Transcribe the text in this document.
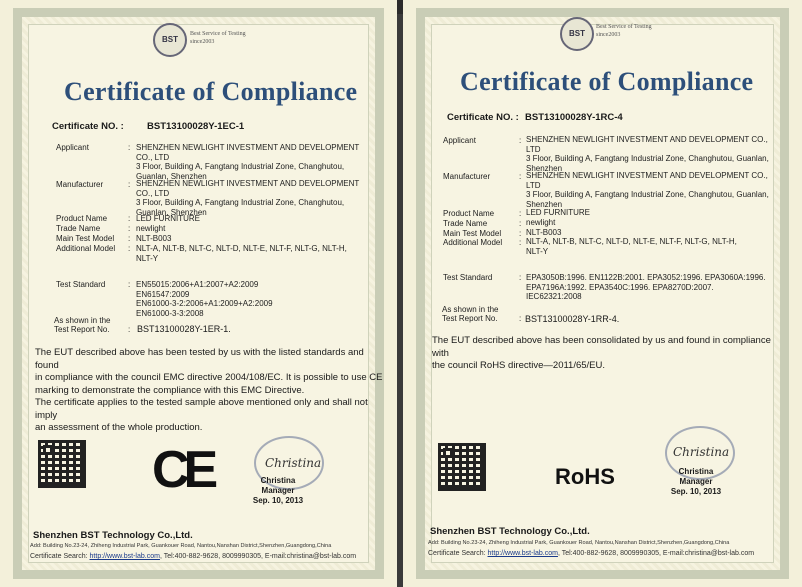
BST
Best Service of Testing
since2003
Certificate of Compliance
Certificate NO. : BST13100028Y-1EC-1
Applicant	: SHENZHEN NEWLIGHT INVESTMENT AND DEVELOPMENT
CO., LTD
3 Floor, Building A, Fangtang Industrial Zone, Changhutou,
Guanlan, Shenzhen
Manufacturer	: SHENZHEN NEWLIGHT INVESTMENT AND DEVELOPMENT
CO., LTD
3 Floor, Building A, Fangtang Industrial Zone, Changhutou,
Guanlan, Shenzhen
Product Name	: LED FURNITURE
Trade Name	: newlight
Main Test Model : NLT-B003
Additional Model : NLT-A, NLT-B, NLT-C, NLT-D, NLT-E, NLT-F, NLT-G, NLT-H,
NLT-Y
Test Standard	: EN55015:2006+A1:2007+A2:2009
EN61547:2009
EN61000-3-2:2006+A1:2009+A2:2009
EN61000-3-3:2008
As shown in the
Test Report No. : BST13100028Y-1ER-1.
The EUT described above has been tested by us with the listed standards and found
in compliance with the council EMC directive 2004/108/EC. It is possible to use CE
marking to demonstrate the compliance with this EMC Directive.
The certificate applies to the tested sample above mentioned only and shall not imply
an assessment of the whole production.
CE	Christina
Christina
Manager
Sep. 10, 2013
Shenzhen BST Technology Co.,Ltd.
Add: Building No.23-24, Zhiheng Industrial Park, Guankouer Road, Nantou,Nanshan District,Shenzhen,Guangdong,China
Certificate Search: http://www.bst-lab.com, Tel:400-882-9628, 8009990305, E-mail:christina@bst-lab.com
BST
Best Service of Testing
since2003
Certificate of Compliance
Certificate NO. : BST13100028Y-1RC-4
Applicant	: SHENZHEN NEWLIGHT INVESTMENT AND DEVELOPMENT CO.,
LTD
3 Floor, Building A, Fangtang Industrial Zone, Changhutou, Guanlan,
Shenzhen
Manufacturer	: SHENZHEN NEWLIGHT INVESTMENT AND DEVELOPMENT CO.,
LTD
3 Floor, Building A, Fangtang Industrial Zone, Changhutou, Guanlan,
Shenzhen
Product Name	: LED FURNITURE
Trade Name	: newlight
Main Test Model : NLT-B003
Additional Model : NLT-A, NLT-B, NLT-C, NLT-D, NLT-E, NLT-F, NLT-G, NLT-H,
NLT-Y
Test Standard	: EPA3050B:1996. EN1122B:2001. EPA3052:1996. EPA3060A:1996.
EPA7196A:1992. EPA3540C:1996. EPA8270D:2007.
IEC62321:2008
As shown in the
Test Report No.	: BST13100028Y-1RR-4.
The EUT described above has been consolidated by us and found in compliance with
the council RoHS directive—2011/65/EU.
RoHS
Christina
Christina
Manager
Sep. 10, 2013
Shenzhen BST Technology Co.,Ltd.
Add: Building No.23-24, Zhiheng Industrial Park, Guankouer Road, Nantou,Nanshan District,Shenzhen,Guangdong,China
Certificate Search: http://www.bst-lab.com, Tel:400-882-9628, 8009990305, E-mail:christina@bst-lab.com
